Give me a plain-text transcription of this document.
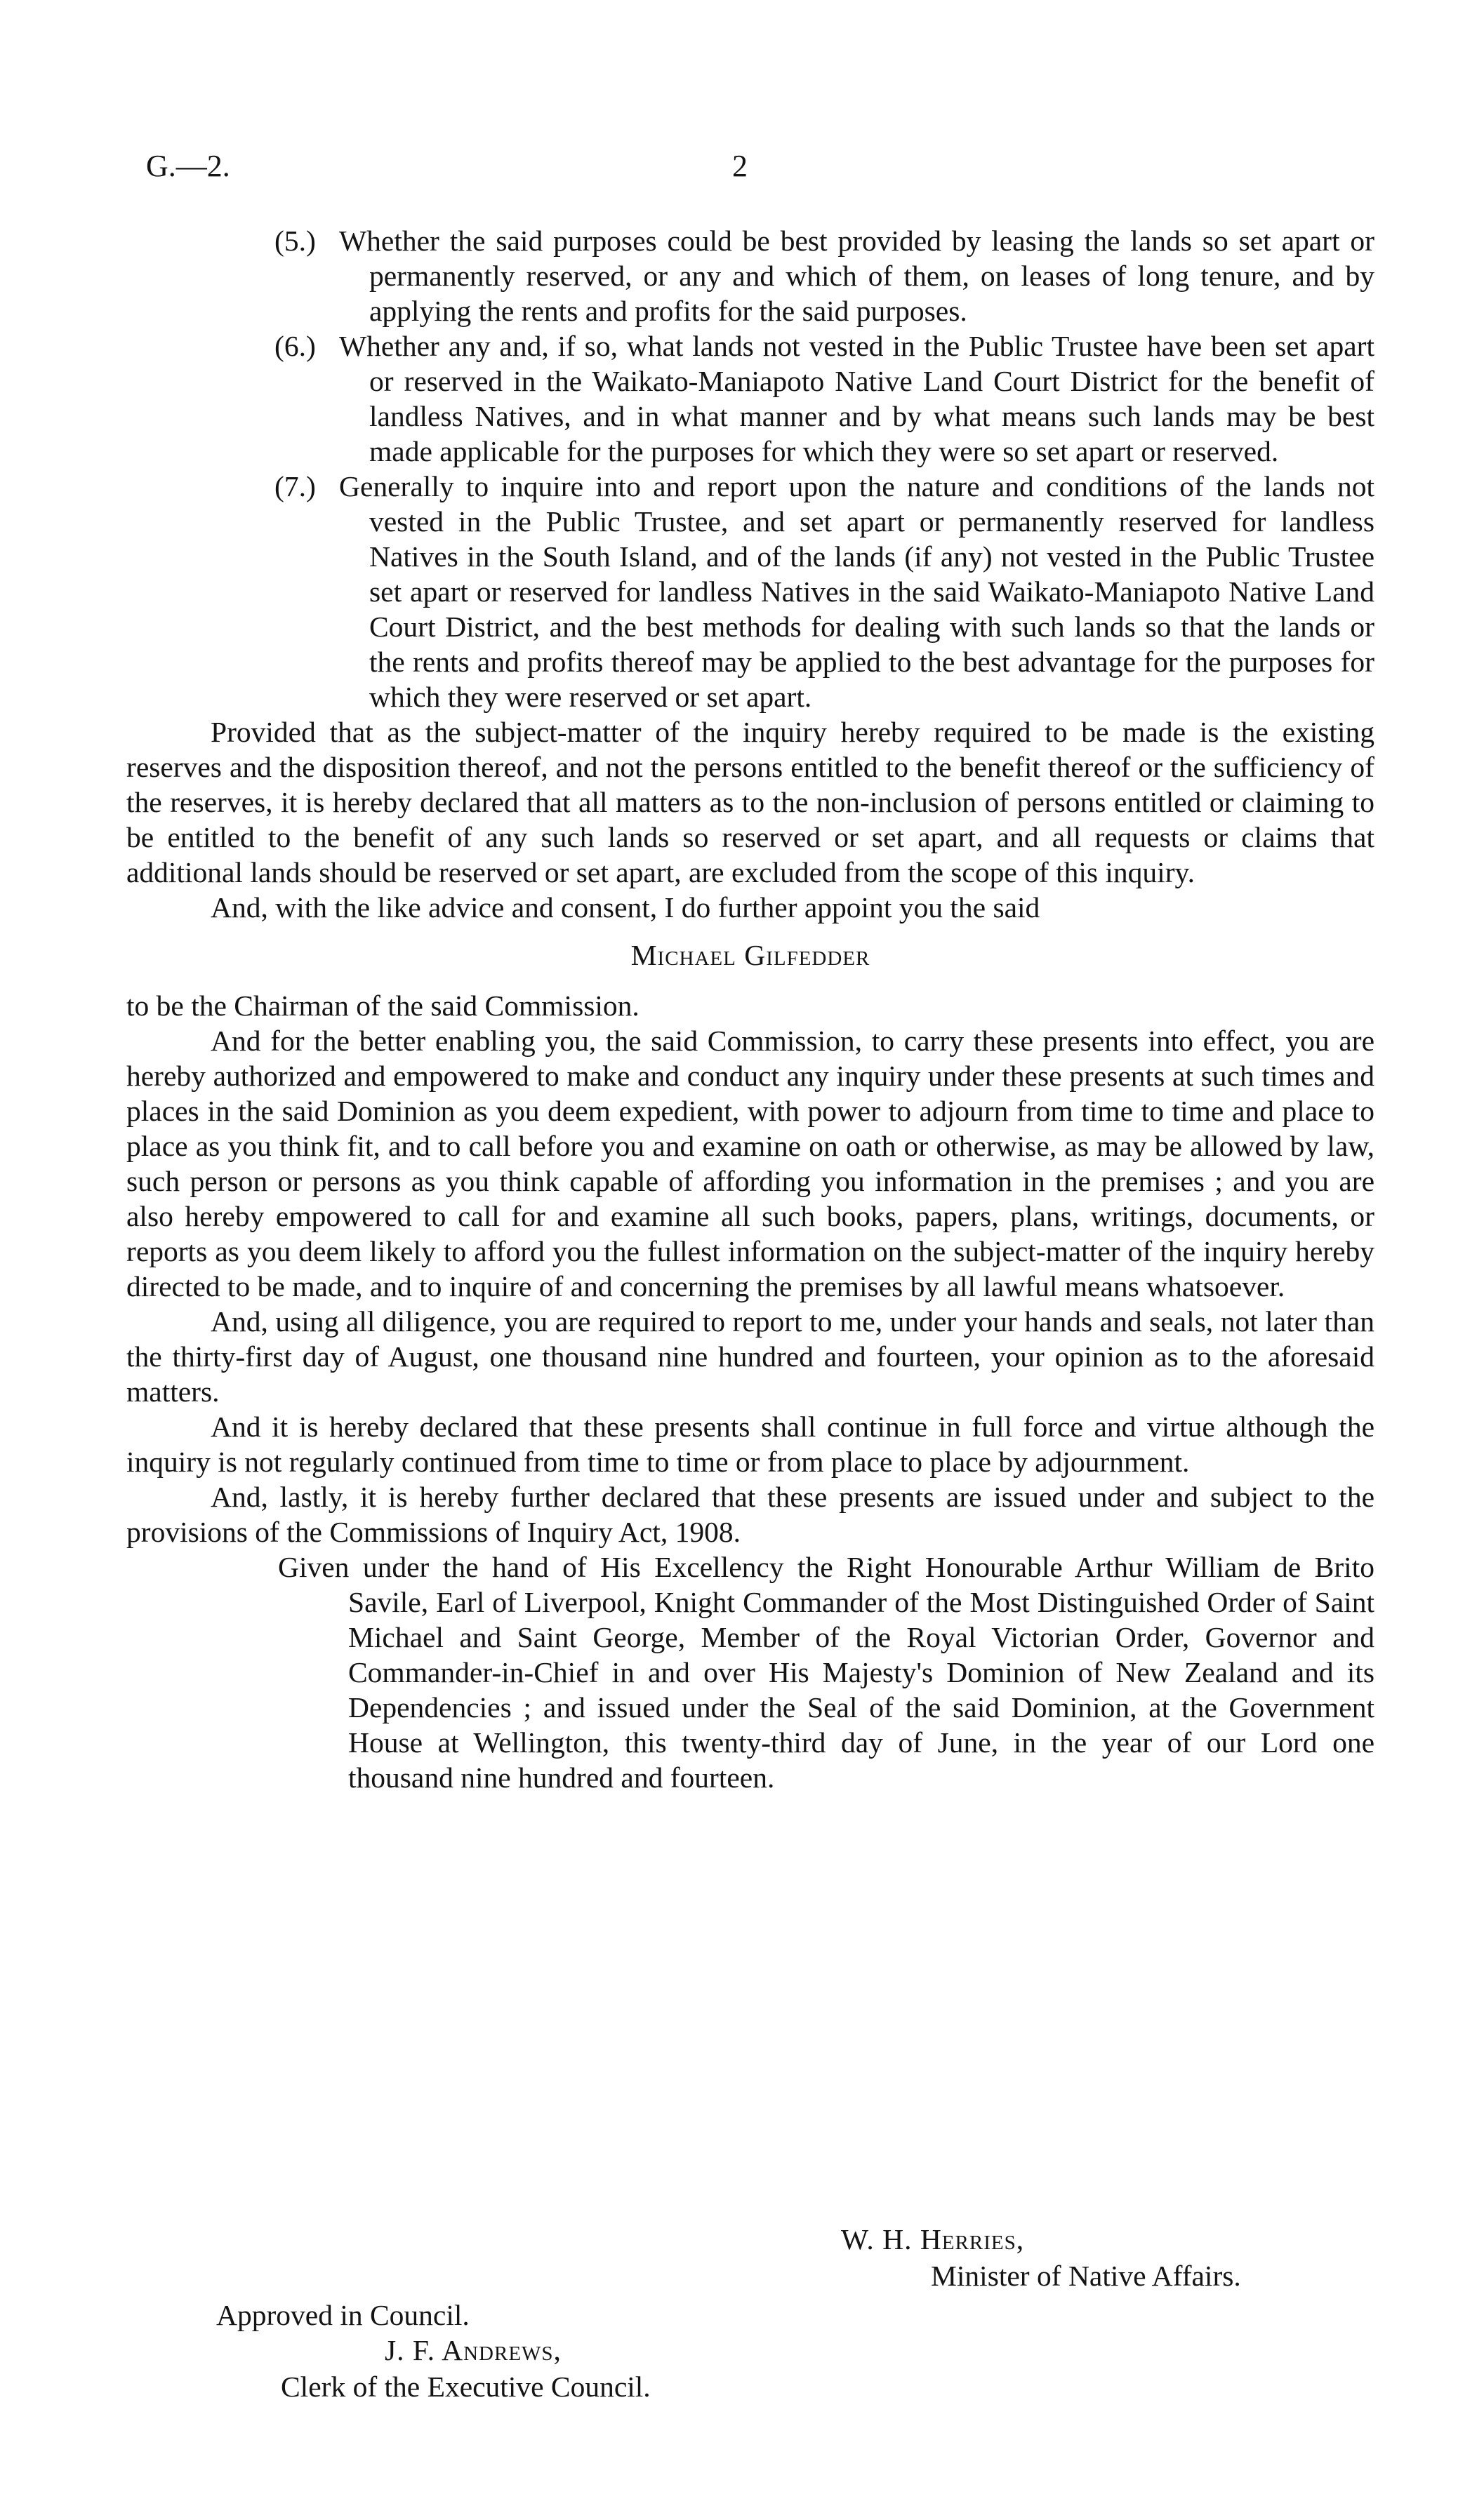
G.—2.	2

(5.) Whether the said purposes could be best provided by leasing the lands so set apart or permanently reserved, or any and which of them, on leases of long tenure, and by applying the rents and profits for the said purposes.

(6.) Whether any and, if so, what lands not vested in the Public Trustee have been set apart or reserved in the Waikato-Maniapoto Native Land Court District for the benefit of landless Natives, and in what manner and by what means such lands may be best made applicable for the purposes for which they were so set apart or reserved.

(7.) Generally to inquire into and report upon the nature and conditions of the lands not vested in the Public Trustee, and set apart or permanently reserved for landless Natives in the South Island, and of the lands (if any) not vested in the Public Trustee set apart or reserved for landless Natives in the said Waikato-Maniapoto Native Land Court District, and the best methods for dealing with such lands so that the lands or the rents and profits thereof may be applied to the best advantage for the purposes for which they were reserved or set apart.

Provided that as the subject-matter of the inquiry hereby required to be made is the existing reserves and the disposition thereof, and not the persons entitled to the benefit thereof or the sufficiency of the reserves, it is hereby declared that all matters as to the non-inclusion of persons entitled or claiming to be entitled to the benefit of any such lands so reserved or set apart, and all requests or claims that additional lands should be reserved or set apart, are excluded from the scope of this inquiry.

And, with the like advice and consent, I do further appoint you the said

Michael Gilfedder

to be the Chairman of the said Commission.

And for the better enabling you, the said Commission, to carry these presents into effect, you are hereby authorized and empowered to make and conduct any inquiry under these presents at such times and places in the said Dominion as you deem expedient, with power to adjourn from time to time and place to place as you think fit, and to call before you and examine on oath or otherwise, as may be allowed by law, such person or persons as you think capable of affording you information in the premises ; and you are also hereby empowered to call for and examine all such books, papers, plans, writings, documents, or reports as you deem likely to afford you the fullest information on the subject-matter of the inquiry hereby directed to be made, and to inquire of and concerning the premises by all lawful means whatsoever.

And, using all diligence, you are required to report to me, under your hands and seals, not later than the thirty-first day of August, one thousand nine hundred and fourteen, your opinion as to the aforesaid matters.

And it is hereby declared that these presents shall continue in full force and virtue although the inquiry is not regularly continued from time to time or from place to place by adjournment.

And, lastly, it is hereby further declared that these presents are issued under and subject to the provisions of the Commissions of Inquiry Act, 1908.

Given under the hand of His Excellency the Right Honourable Arthur William de Brito Savile, Earl of Liverpool, Knight Commander of the Most Distinguished Order of Saint Michael and Saint George, Member of the Royal Victorian Order, Governor and Commander-in-Chief in and over His Majesty's Dominion of New Zealand and its Dependencies ; and issued under the Seal of the said Dominion, at the Government House at Wellington, this twenty-third day of June, in the year of our Lord one thousand nine hundred and fourteen.

W. H. Herries,
Minister of Native Affairs.
Approved in Council.
J. F. Andrews,
Clerk of the Executive Council.
